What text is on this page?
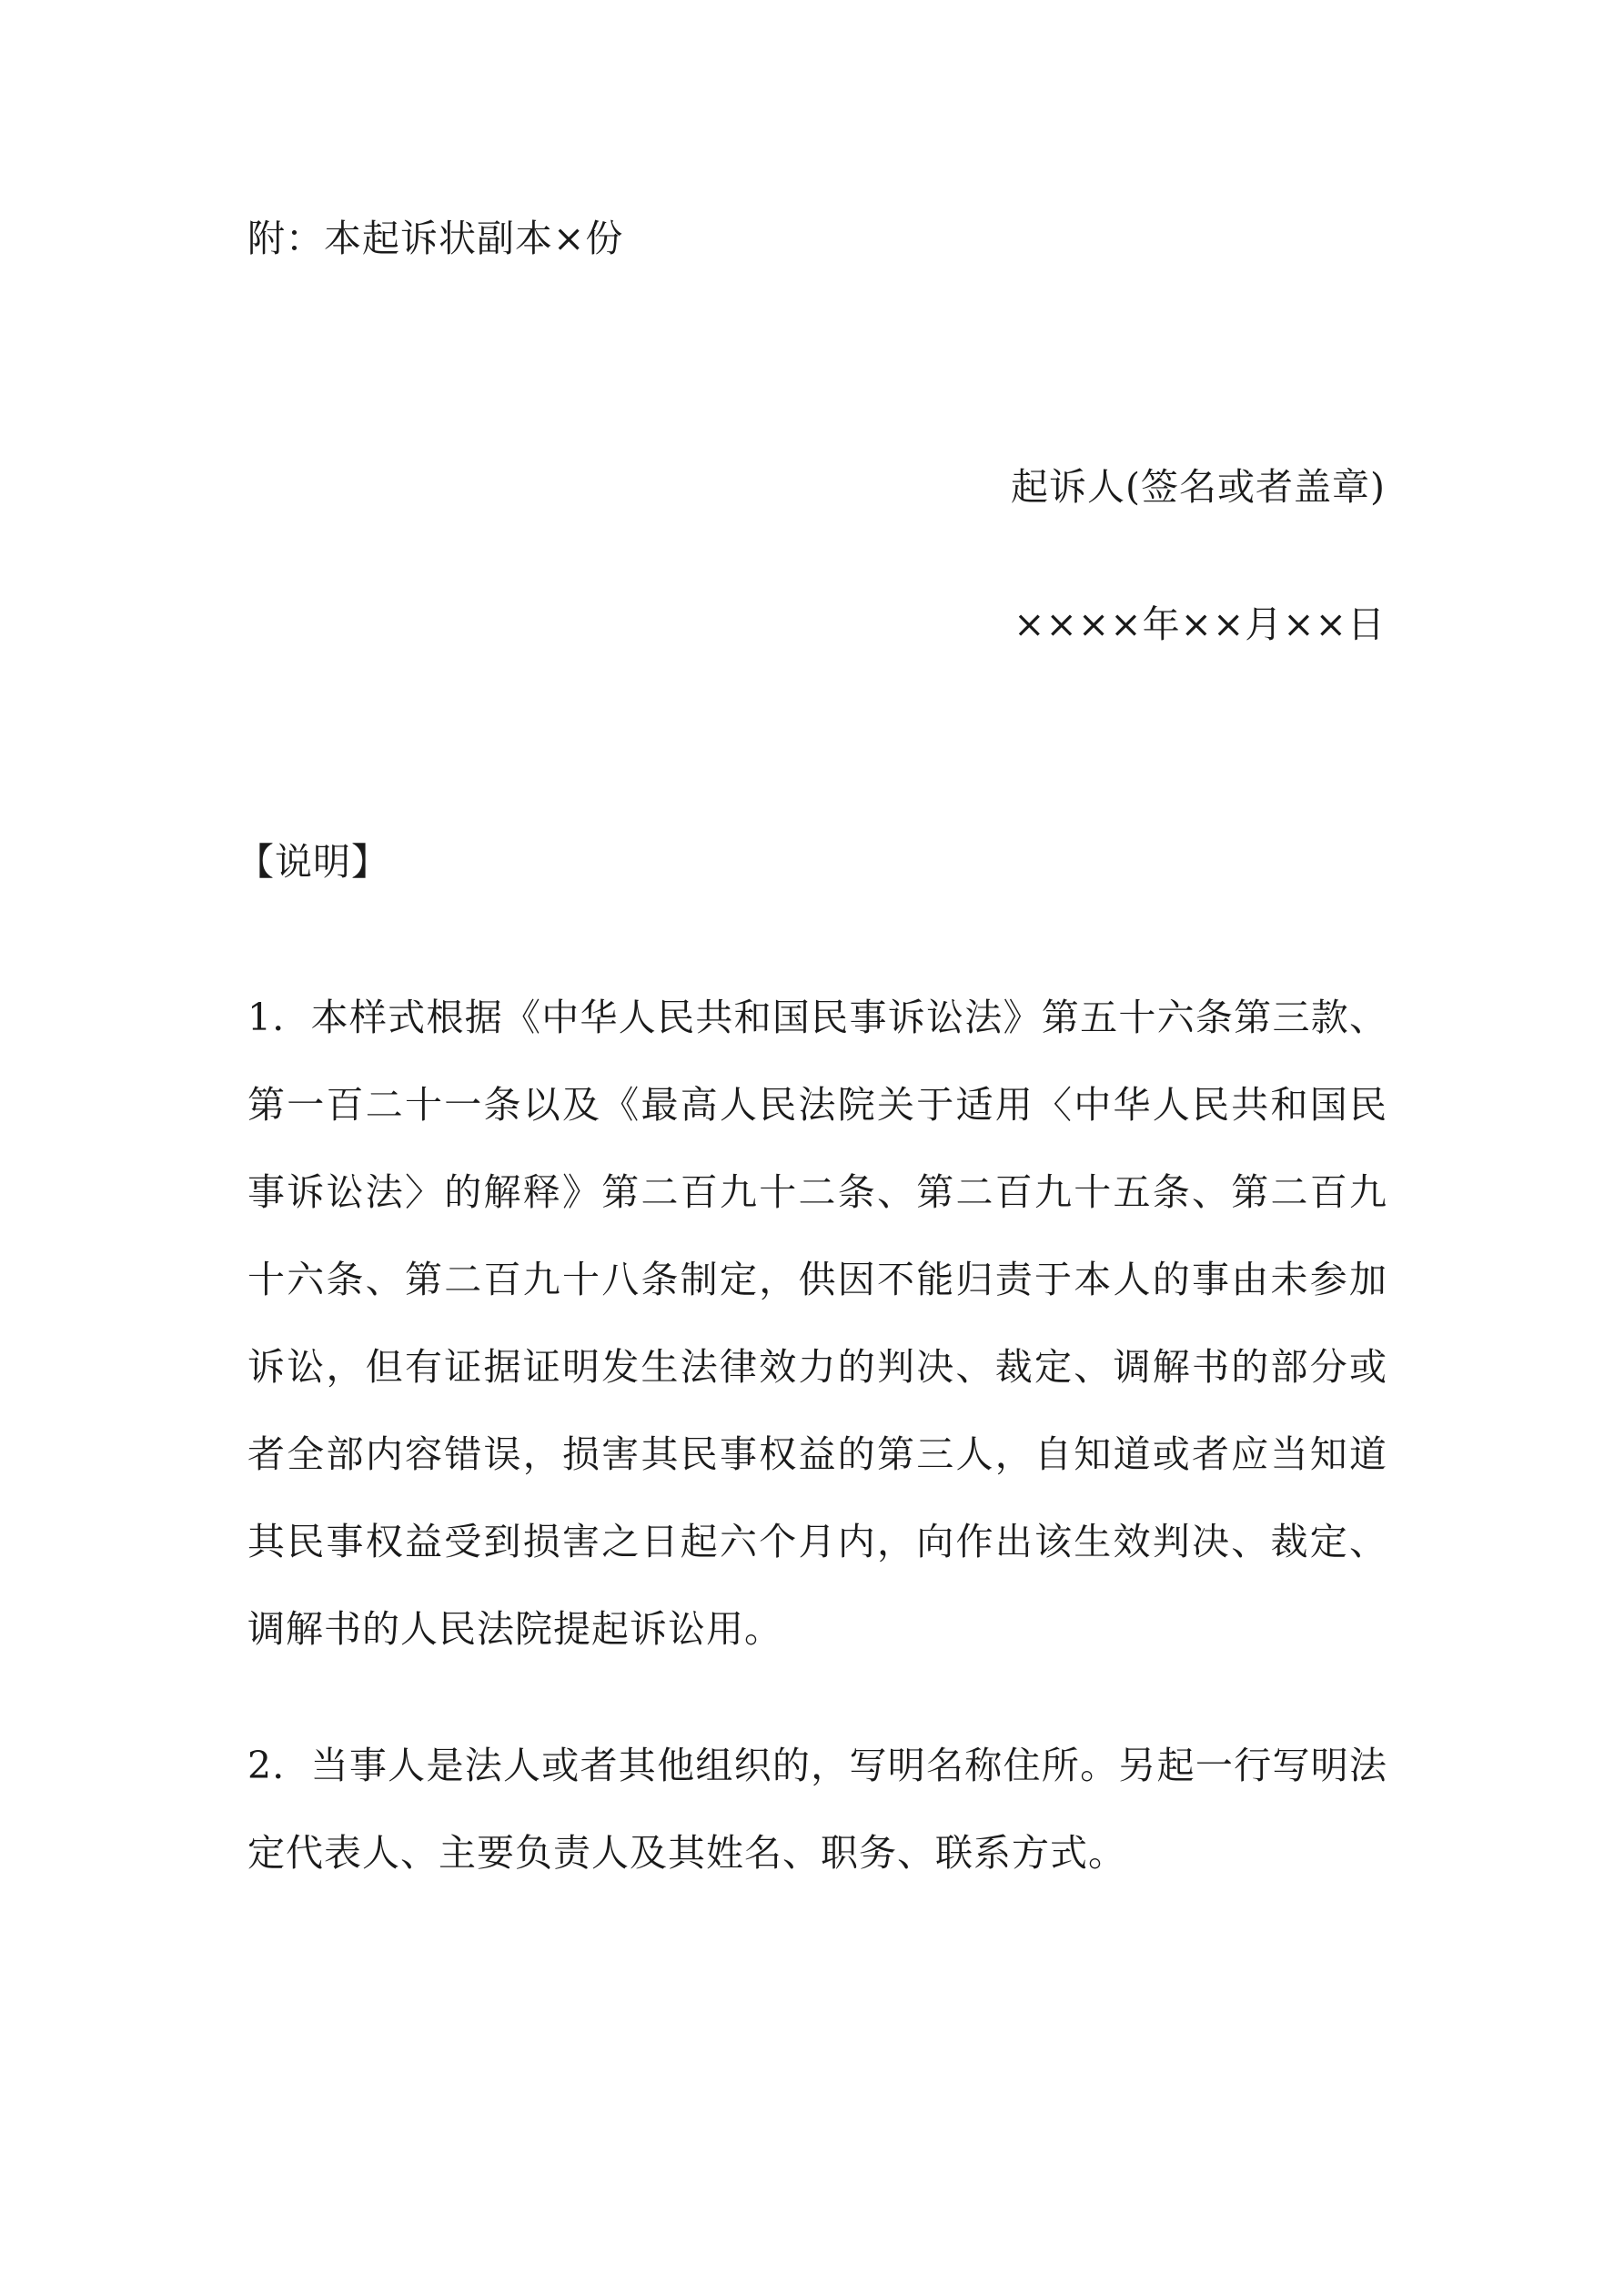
附：本起诉状副本×份
起诉人(签名或者盖章)
××××年××月××日
【说明】
1．本样式根据《中华人民共和国民事诉讼法》第五十六条第三款、第一百二十一条以及《最高人民法院关于适用〈中华人民共和国民事诉讼法〉的解释》第二百九十二条、第二百九十五条、第二百九十六条、第二百九十八条制定，供因不能归责于本人的事由未参加诉讼，但有证据证明发生法律效力的判决、裁定、调解书的部分或者全部内容错误，损害其民事权益的第三人，自知道或者应当知道其民事权益受到损害之日起六个月内，向作出该生效判决、裁定、调解书的人民法院提起诉讼用。
2．当事人是法人或者其他组织的，写明名称住所。另起一行写明法定代表人、主要负责人及其姓名、职务、联系方式。
